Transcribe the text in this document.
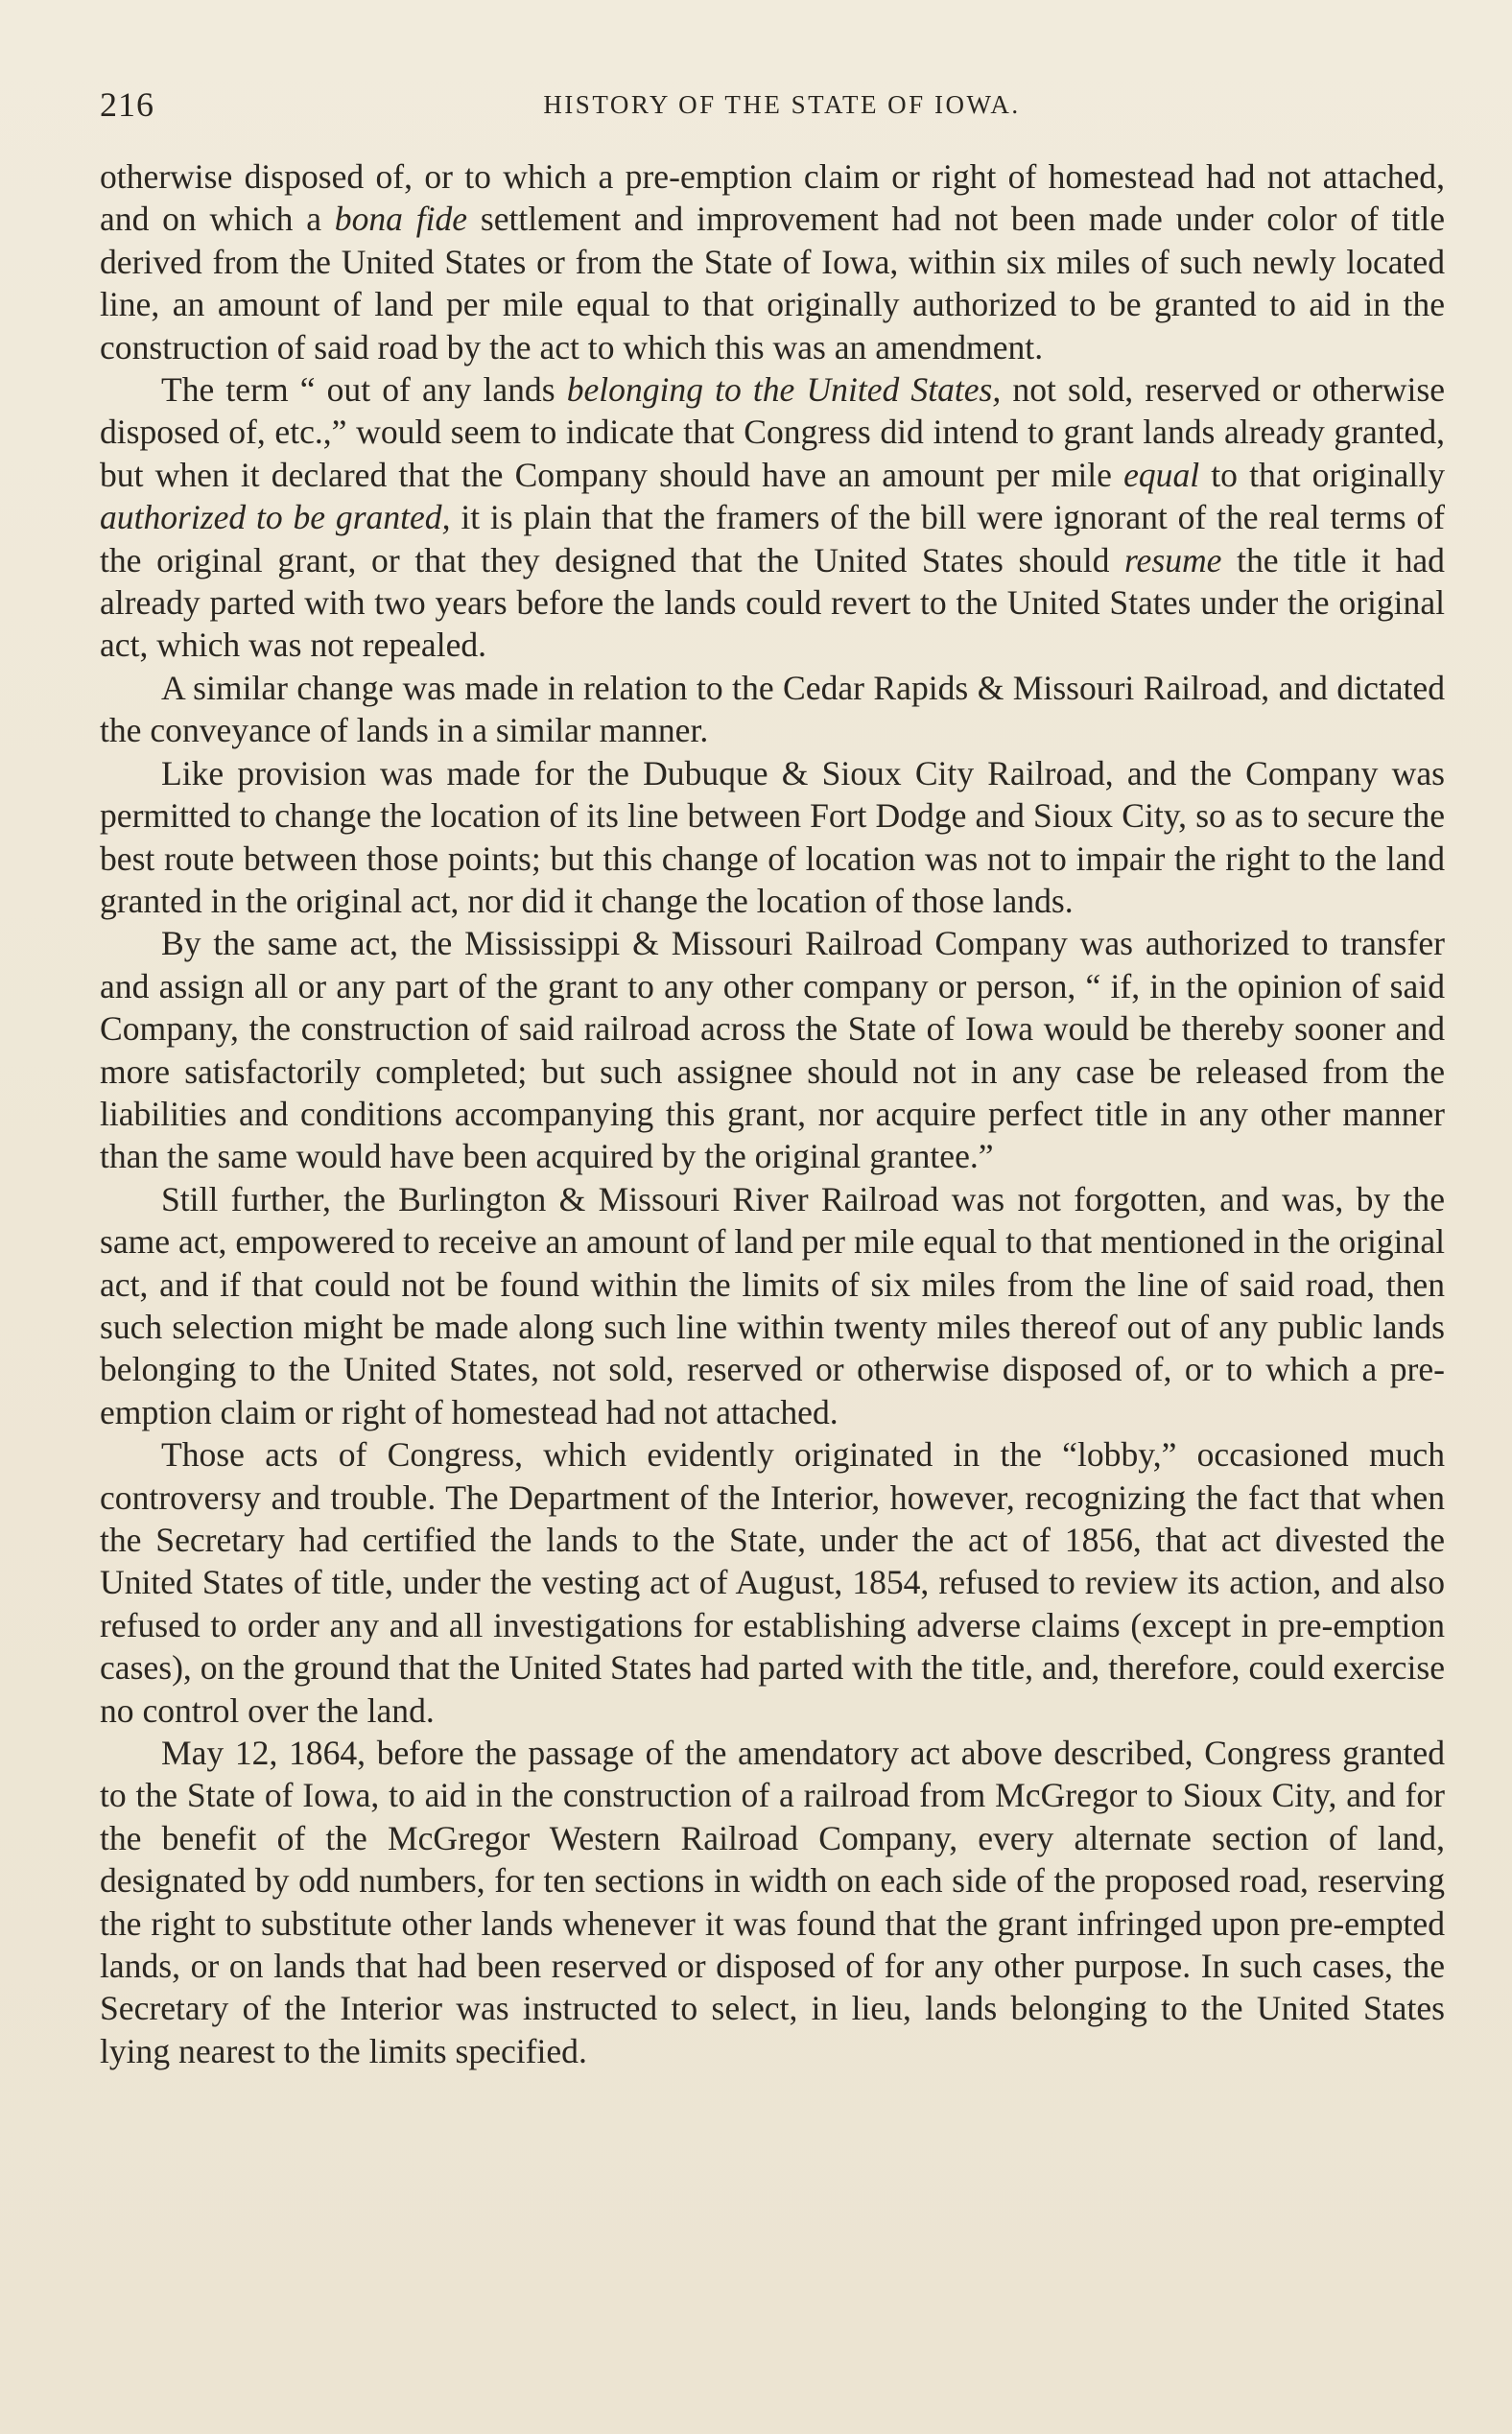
216	HISTORY OF THE STATE OF IOWA.

otherwise disposed of, or to which a pre-emption claim or right of homestead had not attached, and on which a bona fide settlement and improvement had not been made under color of title derived from the United States or from the State of Iowa, within six miles of such newly located line, an amount of land per mile equal to that originally authorized to be granted to aid in the construction of said road by the act to which this was an amendment.

The term “ out of any lands belonging to the United States, not sold, reserved or otherwise disposed of, etc.,” would seem to indicate that Congress did intend to grant lands already granted, but when it declared that the Company should have an amount per mile equal to that originally authorized to be granted, it is plain that the framers of the bill were ignorant of the real terms of the original grant, or that they designed that the United States should resume the title it had already parted with two years before the lands could revert to the United States under the original act, which was not repealed.

A similar change was made in relation to the Cedar Rapids & Missouri Railroad, and dictated the conveyance of lands in a similar manner.

Like provision was made for the Dubuque & Sioux City Railroad, and the Company was permitted to change the location of its line between Fort Dodge and Sioux City, so as to secure the best route between those points; but this change of location was not to impair the right to the land granted in the original act, nor did it change the location of those lands.

By the same act, the Mississippi & Missouri Railroad Company was authorized to transfer and assign all or any part of the grant to any other company or person, “ if, in the opinion of said Company, the construction of said railroad across the State of Iowa would be thereby sooner and more satisfactorily completed; but such assignee should not in any case be released from the liabilities and conditions accompanying this grant, nor acquire perfect title in any other manner than the same would have been acquired by the original grantee.”

Still further, the Burlington & Missouri River Railroad was not forgotten, and was, by the same act, empowered to receive an amount of land per mile equal to that mentioned in the original act, and if that could not be found within the limits of six miles from the line of said road, then such selection might be made along such line within twenty miles thereof out of any public lands belonging to the United States, not sold, reserved or otherwise disposed of, or to which a pre-emption claim or right of homestead had not attached.

Those acts of Congress, which evidently originated in the “lobby,” occasioned much controversy and trouble. The Department of the Interior, however, recognizing the fact that when the Secretary had certified the lands to the State, under the act of 1856, that act divested the United States of title, under the vesting act of August, 1854, refused to review its action, and also refused to order any and all investigations for establishing adverse claims (except in pre-emption cases), on the ground that the United States had parted with the title, and, therefore, could exercise no control over the land.

May 12, 1864, before the passage of the amendatory act above described, Congress granted to the State of Iowa, to aid in the construction of a railroad from McGregor to Sioux City, and for the benefit of the McGregor Western Railroad Company, every alternate section of land, designated by odd numbers, for ten sections in width on each side of the proposed road, reserving the right to substitute other lands whenever it was found that the grant infringed upon pre-empted lands, or on lands that had been reserved or disposed of for any other purpose. In such cases, the Secretary of the Interior was instructed to select, in lieu, lands belonging to the United States lying nearest to the limits specified.
